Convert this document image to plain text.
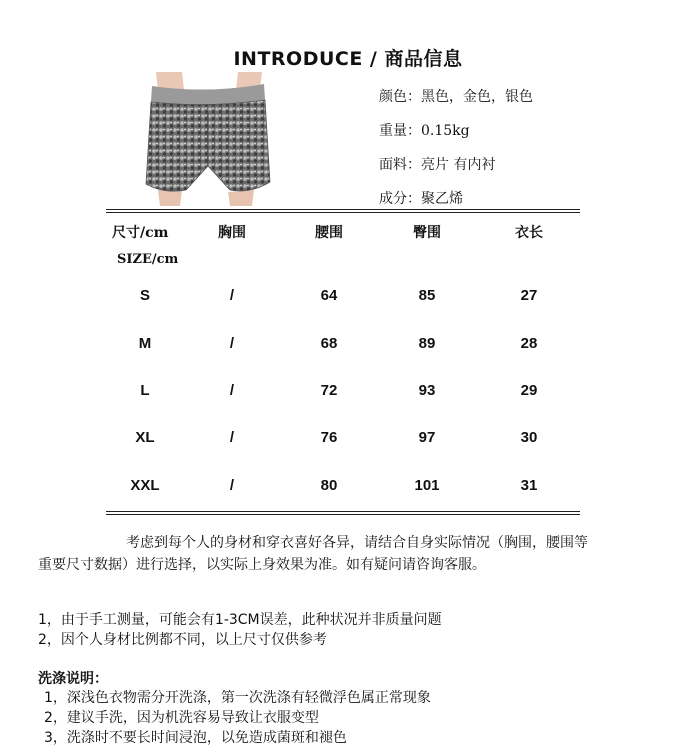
INTRODUCE / 商品信息
颜色：黑色，金色，银色
重量：0.15kg
面料：亮片 有内衬
成分：聚乙烯
尺寸/cm	胸围	腰围	臀围	衣长
SIZE/cm
S	/	64	85	27
M	/	68	89	28
L	/	72	93	29
XL	/	76	97	30
XXL	/	80	101	31
考虑到每个人的身材和穿衣喜好各异，请结合自身实际情况（胸围，腰围等
重要尺寸数据）进行选择，以实际上身效果为准。如有疑问请咨询客服。
1，由于手工测量，可能会有1-3CM误差，此种状况并非质量问题
2，因个人身材比例都不同，以上尺寸仅供参考
洗涤说明：
1，深浅色衣物需分开洗涤，第一次洗涤有轻微浮色属正常现象
2，建议手洗，因为机洗容易导致让衣服变型
3，洗涤时不要长时间浸泡，以免造成菌斑和褪色
